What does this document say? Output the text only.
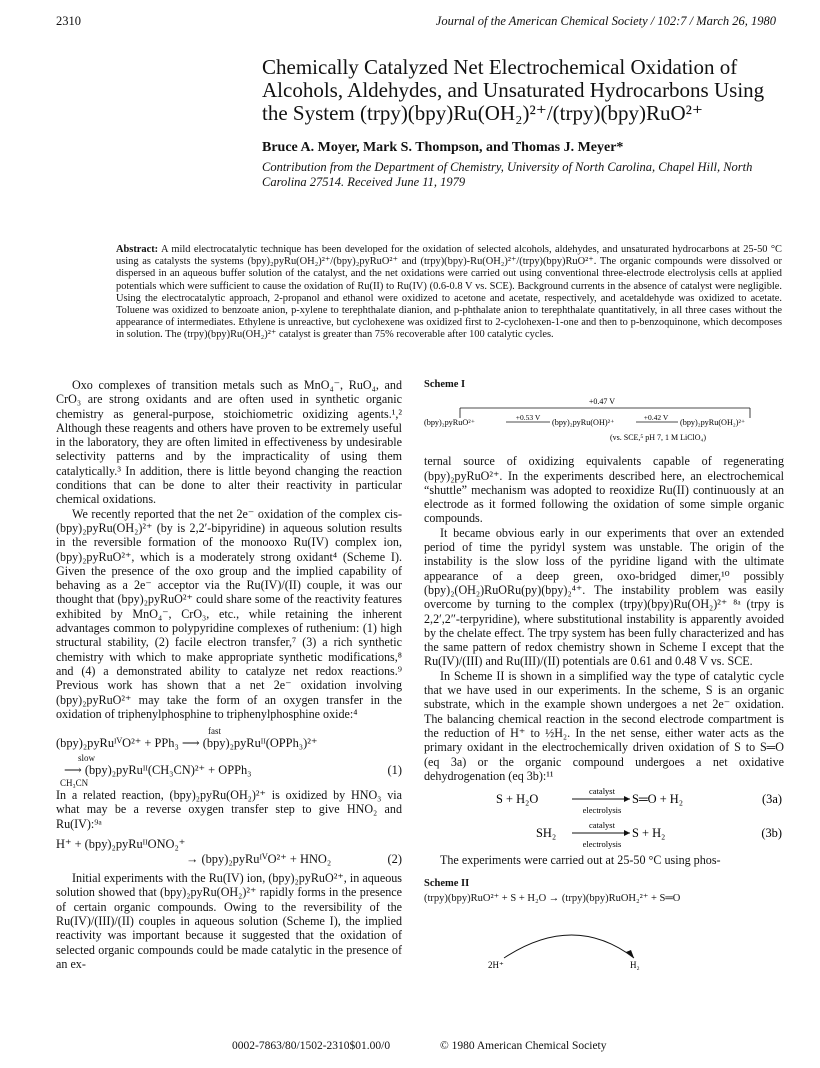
2310	Journal of the American Chemical Society / 102:7 / March 26, 1980
Chemically Catalyzed Net Electrochemical Oxidation of Alcohols, Aldehydes, and Unsaturated Hydrocarbons Using the System (trpy)(bpy)Ru(OH₂)²⁺/(trpy)(bpy)RuO²⁺
Bruce A. Moyer, Mark S. Thompson, and Thomas J. Meyer*
Contribution from the Department of Chemistry, University of North Carolina, Chapel Hill, North Carolina 27514. Received June 11, 1979
Abstract: A mild electrocatalytic technique has been developed for the oxidation of selected alcohols, aldehydes, and unsaturated hydrocarbons at 25-50 °C using as catalysts the systems (bpy)₂pyRu(OH₂)²⁺/(bpy)₂pyRuO²⁺ and (trpy)(bpy)-Ru(OH₂)²⁺/(trpy)(bpy)RuO²⁺. The organic compounds were dissolved or dispersed in an aqueous buffer solution of the catalyst, and the net oxidations were carried out using conventional three-electrode electrolysis cells at applied potentials which were sufficient to cause the oxidation of Ru(II) to Ru(IV) (0.6-0.8 V vs. SCE). Background currents in the absence of catalyst were negligible. Using the electrocatalytic approach, 2-propanol and ethanol were oxidized to acetone and acetate, respectively, and acetaldehyde was oxidized to acetate. Toluene was oxidized to benzoate anion, p-xylene to terephthalate dianion, and p-phthalate anion to terephthalate quantitatively, in all three cases without the appearance of intermediates. Ethylene is unreactive, but cyclohexene was oxidized first to 2-cyclohexen-1-one and then to p-benzoquinone, which decomposes in solution. The (trpy)(bpy)Ru(OH₂)²⁺ catalyst is greater than 75% recoverable after 100 catalytic cycles.

Oxo complexes of transition metals such as MnO₄⁻, RuO₄, and CrO₃ are strong oxidants and are often used in synthetic organic chemistry as general-purpose, stoichiometric oxidizing agents.¹,² Although these reagents and others have proven to be extremely useful in the laboratory, they are often limited in effectiveness by undesirable selectivity patterns and by the impracticality of using them catalytically.³ In addition, there is little beyond changing the reaction conditions that can be done to alter their reactivity in particular chemical oxidations.

We recently reported that the net 2e⁻ oxidation of the complex cis-(bpy)₂pyRu(OH₂)²⁺ (by is 2,2′-bipyridine) in aqueous solution results in the reversible formation of the monooxo Ru(IV) complex ion, (bpy)₂pyRuO²⁺, which is a moderately strong oxidant⁴ (Scheme I). Given the presence of the oxo group and the implied capability of behaving as a 2e⁻ acceptor via the Ru(IV)/(II) couple, it was our thought that (bpy)₂pyRuO²⁺ could share some of the reactivity features exhibited by MnO₄⁻, CrO₃, etc., while retaining the inherent advantages common to polypyridine complexes of ruthenium: (1) high structural stability, (2) facile electron transfer,⁷ (3) a rich synthetic chemistry with which to make appropriate synthetic modifications,⁸ and (4) a demonstrated ability to catalyze net redox reactions.⁹ Previous work has shown that a net 2e⁻ oxidation involving (bpy)₂pyRuO²⁺ may take the form of an oxygen transfer in the oxidation of triphenylphosphine to triphenylphosphine oxide:⁴

fast
(bpy)₂pyRuᴵⱽO²⁺ + PPh₃ ⟶ (bpy)₂pyRuᴵᴵ(OPPh₃)²⁺
slow
⟶ (bpy)₂pyRuᴵᴵ(CH₃CN)²⁺ + OPPh₃	(1)
CH₃CN

In a related reaction, (bpy)₂pyRu(OH₂)²⁺ is oxidized by HNO₃ via what may be a reverse oxygen transfer step to give HNO₂ and Ru(IV):⁹ᵃ

H⁺ + (bpy)₂pyRuᴵᴵONO₂⁺
→ (bpy)₂pyRuᴵⱽO²⁺ + HNO₂	(2)

Initial experiments with the Ru(IV) ion, (bpy)₂pyRuO²⁺, in aqueous solution showed that (bpy)₂pyRu(OH₂)²⁺ rapidly forms in the presence of certain organic compounds. Owing to the reversibility of the Ru(IV)/(III)/(II) couples in aqueous solution (Scheme I), the implied reactivity was important because it suggested that the oxidation of selected organic compounds could be made catalytic in the presence of an ex-

Scheme I
+0.47 V
(bpy)₂pyRuO²⁺
+0.53 V
(bpy)₂pyRu(OH)²⁺
+0.42 V
(bpy)₂pyRu(OH₂)²⁺
(vs. SCE,⁵ pH 7, 1 M LiClO₄)

ternal source of oxidizing equivalents capable of regenerating (bpy)₂pyRuO²⁺. In the experiments described here, an electrochemical “shuttle” mechanism was adopted to reoxidize Ru(II) continuously at an electrode as it formed following the oxidation of some simple organic compounds.

It became obvious early in our experiments that over an extended period of time the pyridyl system was unstable. The origin of the instability is the slow loss of the pyridine ligand with the ultimate appearance of a deep green, oxo-bridged dimer,¹⁰ possibly (bpy)₂(OH₂)RuORu(py)(bpy)₂⁴⁺. The instability problem was easily overcome by turning to the complex (trpy)(bpy)Ru(OH₂)²⁺ ⁸ᵃ (trpy is 2,2′,2″-terpyridine), where substitutional instability is apparently avoided by the chelate effect. The trpy system has been fully characterized and has the same pattern of redox chemistry shown in Scheme I except that the Ru(IV)/(III) and Ru(III)/(II) potentials are 0.61 and 0.48 V vs. SCE.

In Scheme II is shown in a simplified way the type of catalytic cycle that we have used in our experiments. In the scheme, S is an organic substrate, which in the example shown undergoes a net 2e⁻ oxidation. The balancing chemical reaction in the second electrode compartment is the reduction of H⁺ to ½H₂. In the net sense, either water acts as the primary oxidant in the electrochemically driven oxidation of S to S═O (eq 3a) or the organic compound undergoes a net oxidative dehydrogenation (eq 3b):¹¹

S + H₂O
catalyst
S═O + H₂
electrolysis
(3a)
SH₂
catalyst
S + H₂
electrolysis
(3b)

The experiments were carried out at 25-50 °C using phos-

Scheme II
(trpy)(bpy)RuO²⁺ + S + H₂O → (trpy)(bpy)RuOH₂²⁺ + S═O
2H⁺	H₂
0002-7863/80/1502-2310$01.00/0	© 1980 American Chemical Society
